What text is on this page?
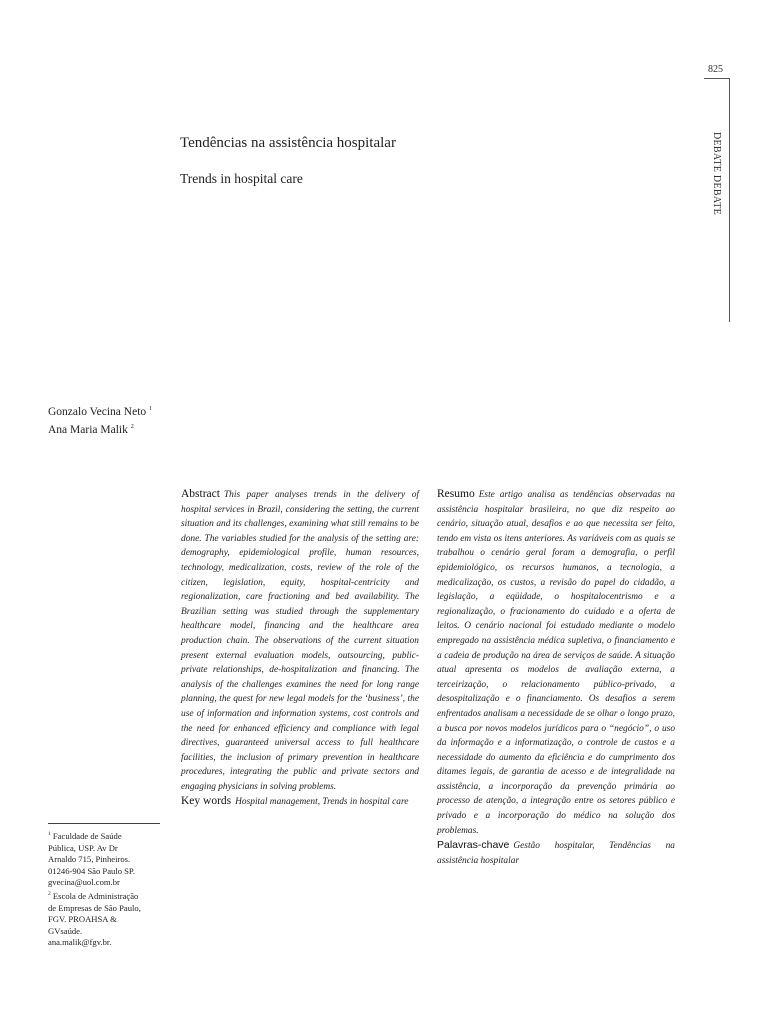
825
DEBATE DEBATE
Tendências na assistência hospitalar
Trends in hospital care
Gonzalo Vecina Neto $^1$
Ana Maria Malik $^2$
Abstract This paper analyses trends in the delivery of hospital services in Brazil, considering the setting, the current situation and its challenges, examining what still remains to be done. The variables studied for the analysis of the setting are: demography, epidemiological profile, human resources, technology, medicalization, costs, review of the role of the citizen, legislation, equity, hospital-centricity and regionalization, care fractioning and bed availability. The Brazilian setting was studied through the supplementary healthcare model, financing and the healthcare area production chain. The observations of the current situation present external evaluation models, outsourcing, public-private relationships, de-hospitalization and financing. The analysis of the challenges examines the need for long range planning, the quest for new legal models for the ‘business’, the use of information and information systems, cost controls and the need for enhanced efficiency and compliance with legal directives, guaranteed universal access to full healthcare facilities, the inclusion of primary prevention in healthcare procedures, integrating the public and private sectors and engaging physicians in solving problems.
Key words Hospital management, Trends in hospital care
Resumo Este artigo analisa as tendências observadas na assistência hospitalar brasileira, no que diz respeito ao cenário, situação atual, desafios e ao que necessita ser feito, tendo em vista os itens anteriores. As variáveis com as quais se trabalhou o cenário geral foram a demografia, o perfil epidemiológico, os recursos humanos, a tecnologia, a medicalização, os custos, a revisão do papel do cidadão, a legislação, a eqüidade, o hospitalocentrismo e a regionalização, o fracionamento do cuidado e a oferta de leitos. O cenário nacional foi estudado mediante o modelo empregado na assistência médica supletiva, o financiamento e a cadeia de produção na área de serviços de saúde. A situação atual apresenta os modelos de avaliação externa, a terceirização, o relacionamento público-privado, a desospitalização e o financiamento. Os desafios a serem enfrentados analisam a necessidade de se olhar o longo prazo, a busca por novos modelos jurídicos para o “negócio”, o uso da informação e a informatização, o controle de custos e a necessidade do aumento da eficiência e do cumprimento dos ditames legais, de garantia de acesso e de integralidade na assistência, a incorporação da prevenção primária ao processo de atenção, a integração entre os setores público e privado e a incorporação do médico na solução dos problemas.
Palavras-chave Gestão hospitalar, Tendências na assistência hospitalar
$^1$ Faculdade de Saúde
Pública, USP. Av Dr
Arnaldo 715, Pinheiros.
01246-904 São Paulo SP.
gvecina@uol.com.br
$^2$ Escola de Administração
de Empresas de São Paulo,
FGV. PROAHSA &
GVsaúde.
ana.malik@fgv.br.
